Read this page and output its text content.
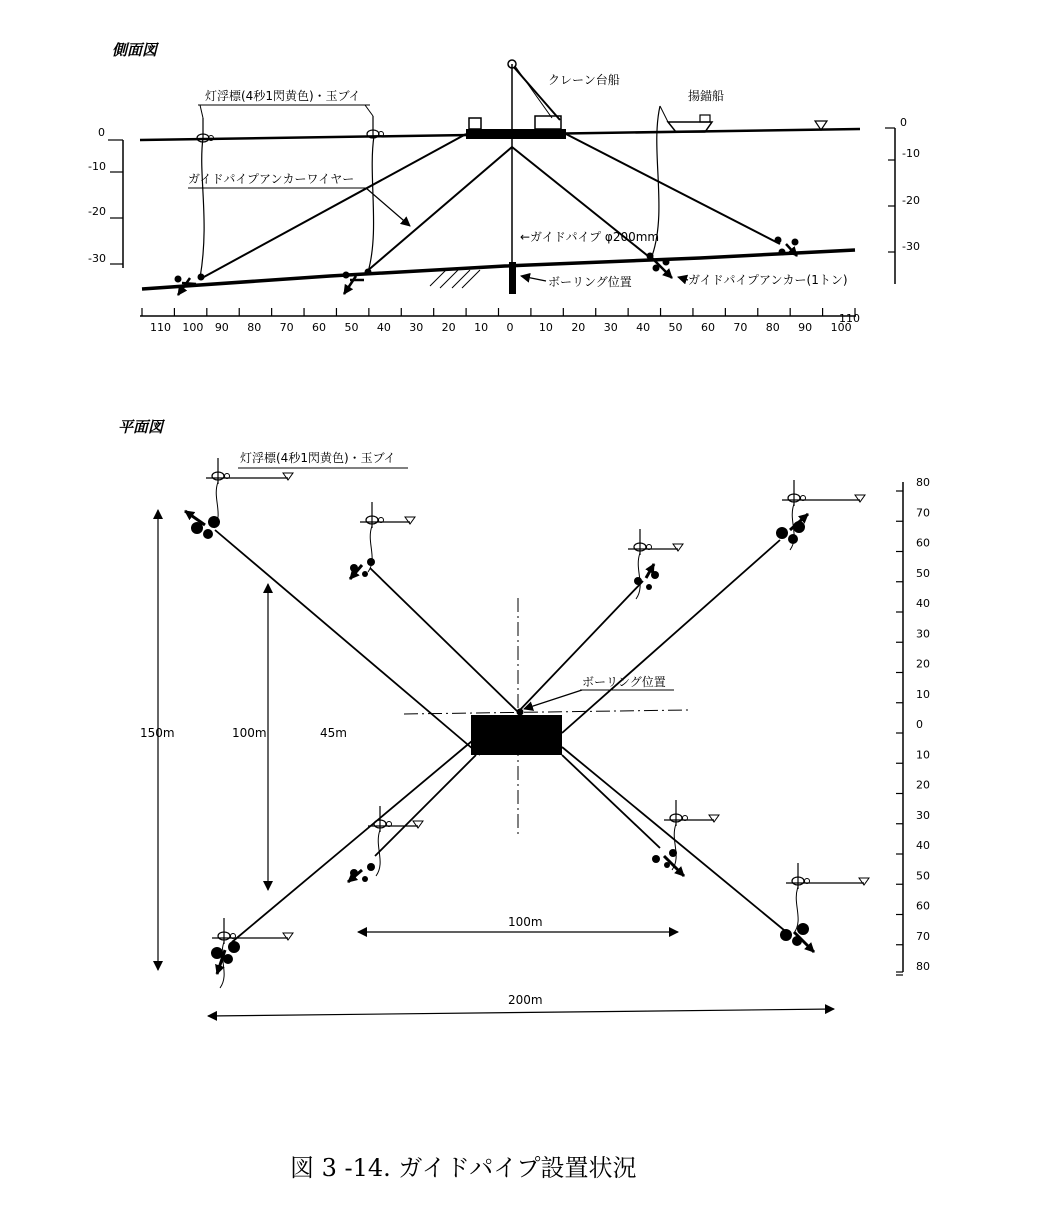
側面図
クレーン台船
揚錨船
灯浮標(4秒1閃黄色)・玉ブイ
ガイドパイプアンカーワイヤー
←ガイドパイプ φ200mm
ボーリング位置	ガイドパイプアンカー(1トン)
0
-10
-20
-30
0
-10
-20
-30
110 100 90 80 70 60 50 40 30 20 10 0 10 20 30 40 50 60 70 80 90 100
110
平面図
灯浮標(4秒1閃黄色)・玉ブイ
ボーリング位置
150m	100m	45m
100m
200m
80
70
60
50
40
30
20
10
0
10
20
30
40
50
60
70
80
図 3 -14. ガイドパイプ設置状況
